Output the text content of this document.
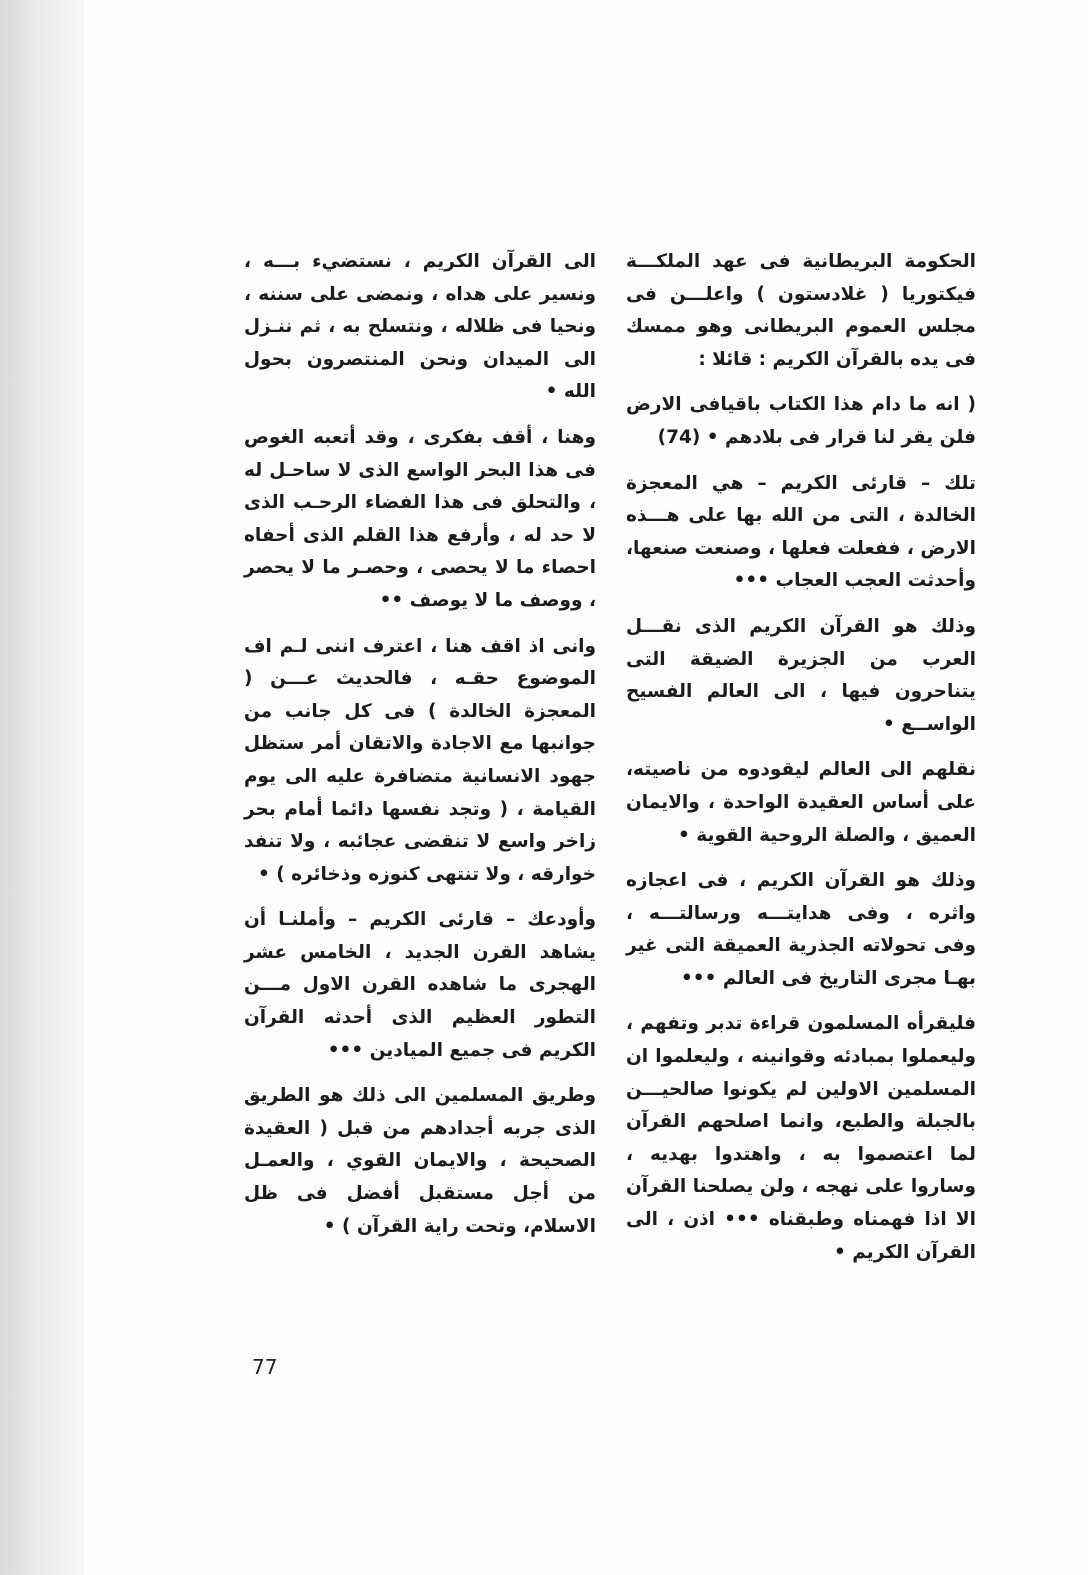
الحكومة البريطانية فى عهد الملكـــة فيكتوريا ( غلادستون ) واعلـــن فى مجلس العموم البريطانى وهو ممسك فى يده بالقرآن الكريم : قائلا :

( انه ما دام هذا الكتاب باقيافى الارض فلن يقر لنا قرار فى بلادهم • (74)

تلك – قارئى الكريم – هي المعجزة الخالدة ، التى من الله بها على هـــذه الارض ، ففعلت فعلها ، وصنعت صنعها، وأحدثت العجب العجاب •••

وذلك هو القرآن الكريم الذى نقـــل العرب من الجزيرة الضيقة التى يتناحرون فيها ، الى العالم الفسيح الواســع •

نقلهم الى العالم ليقودوه من ناصيته، على أساس العقيدة الواحدة ، والايمان العميق ، والصلة الروحية القوية •

وذلك هو القرآن الكريم ، فى اعجازه واثره ، وفى هدايتـــه ورسالتـــه ، وفى تحولاته الجذرية العميقة التى غير بهـا مجرى التاريخ فى العالم •••

فليقرأه المسلمون قراءة تدبر وتفهم ، وليعملوا بمبادئه وقوانينه ، وليعلموا ان المسلمين الاولين لم يكونوا صالحيـــن بالجبلة والطبع، وانما اصلحهم القرآن لما اعتصموا به ، واهتدوا بهديه ، وساروا على نهجه ، ولن يصلحنا القرآن الا اذا فهمناه وطبقناه ••• اذن ، الى القرآن الكريم •

الى القرآن الكريم ، نستضيء بـــه ، ونسير على هداه ، ونمضى على سننه ، ونحيا فى ظلاله ، ونتسلح به ، ثم ننـزل الى الميدان ونحن المنتصرون بحول الله •

وهنا ، أقف بفكرى ، وقد أتعبه الغوص فى هذا البحر الواسع الذى لا ساحـل له ، والتحلق فى هذا الفضاء الرحـب الذى لا حد له ، وأرفع هذا القلم الذى أحفاه احصاء ما لا يحصى ، وحصـر ما لا يحصر ، ووصف ما لا يوصف ••

وانى اذ اقف هنا ، اعترف اننى لـم اف الموضوع حقـه ، فالحديث عـــن ( المعجزة الخالدة ) فى كل جانب من جوانبها مع الاجادة والاتقان أمر ستظل جهود الانسانية متضافرة عليه الى يوم القيامة ، ( وتجد نفسها دائما أمام بحر زاخر واسع لا تنقضى عجائبه ، ولا تنفد خوارقه ، ولا تنتهى كنوزه وذخائره ) •

وأودعك – قارئى الكريم – وأملنـا أن يشاهد القرن الجديد ، الخامس عشر الهجرى ما شاهده القرن الاول مـــن التطور العظيم الذى أحدثه القرآن الكريم فى جميع الميادين •••

وطريق المسلمين الى ذلك هو الطريق الذى جربه أجدادهم من قبل ( العقيدة الصحيحة ، والايمان القوي ، والعمـل من أجل مستقبل أفضل فى ظل الاسلام، وتحت راية القرآن ) •

77
